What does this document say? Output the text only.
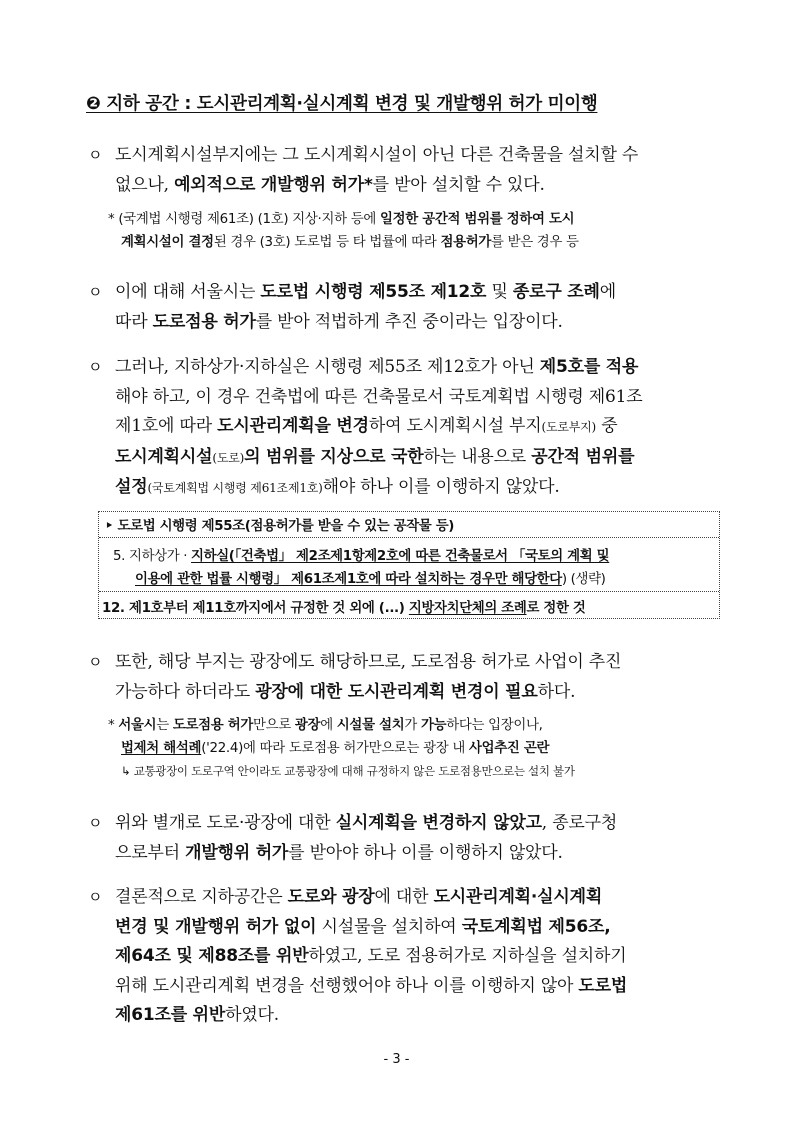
❷ 지하 공간 : 도시관리계획·실시계획 변경 및 개발행위 허가 미이행
ㅇ 도시계획시설부지에는 그 도시계획시설이 아닌 다른 건축물을 설치할 수
없으나, 예외적으로 개발행위 허가*를 받아 설치할 수 있다.
* (국계법 시행령 제61조) (1호) 지상·지하 등에 일정한 공간적 범위를 정하여 도시
계획시설이 결정된 경우 (3호) 도로법 등 타 법률에 따라 점용허가를 받은 경우 등
ㅇ 이에 대해 서울시는 도로법 시행령 제55조 제12호 및 종로구 조례에
따라 도로점용 허가를 받아 적법하게 추진 중이라는 입장이다.
ㅇ 그러나, 지하상가·지하실은 시행령 제55조 제12호가 아닌 제5호를 적용
해야 하고, 이 경우 건축법에 따른 건축물로서 국토계획법 시행령 제61조
제1호에 따라 도시관리계획을 변경하여 도시계획시설 부지(도로부지) 중
도시계획시설(도로)의 범위를 지상으로 국한하는 내용으로 공간적 범위를
설정(국토계획법 시행령 제61조제1호)해야 하나 이를 이행하지 않았다.
‣ 도로법 시행령 제55조(점용허가를 받을 수 있는 공작물 등)
5. 지하상가 · 지하실(「건축법」 제2조제1항제2호에 따른 건축물로서 「국토의 계획 및
이용에 관한 법률 시행령」 제61조제1호에 따라 설치하는 경우만 해당한다) (생략)
12. 제1호부터 제11호까지에서 규정한 것 외에 (...) 지방자치단체의 조례로 정한 것
ㅇ 또한, 해당 부지는 광장에도 해당하므로, 도로점용 허가로 사업이 추진
가능하다 하더라도 광장에 대한 도시관리계획 변경이 필요하다.
* 서울시는 도로점용 허가만으로 광장에 시설물 설치가 가능하다는 입장이나,
법제처 해석례('22.4)에 따라 도로점용 허가만으로는 광장 내 사업추진 곤란
↳ 교통광장이 도로구역 안이라도 교통광장에 대해 규정하지 않은 도로점용만으로는 설치 불가
ㅇ 위와 별개로 도로·광장에 대한 실시계획을 변경하지 않았고, 종로구청
으로부터 개발행위 허가를 받아야 하나 이를 이행하지 않았다.
ㅇ 결론적으로 지하공간은 도로와 광장에 대한 도시관리계획·실시계획
변경 및 개발행위 허가 없이 시설물을 설치하여 국토계획법 제56조,
제64조 및 제88조를 위반하였고, 도로 점용허가로 지하실을 설치하기
위해 도시관리계획 변경을 선행했어야 하나 이를 이행하지 않아 도로법
제61조를 위반하였다.
- 3 -
